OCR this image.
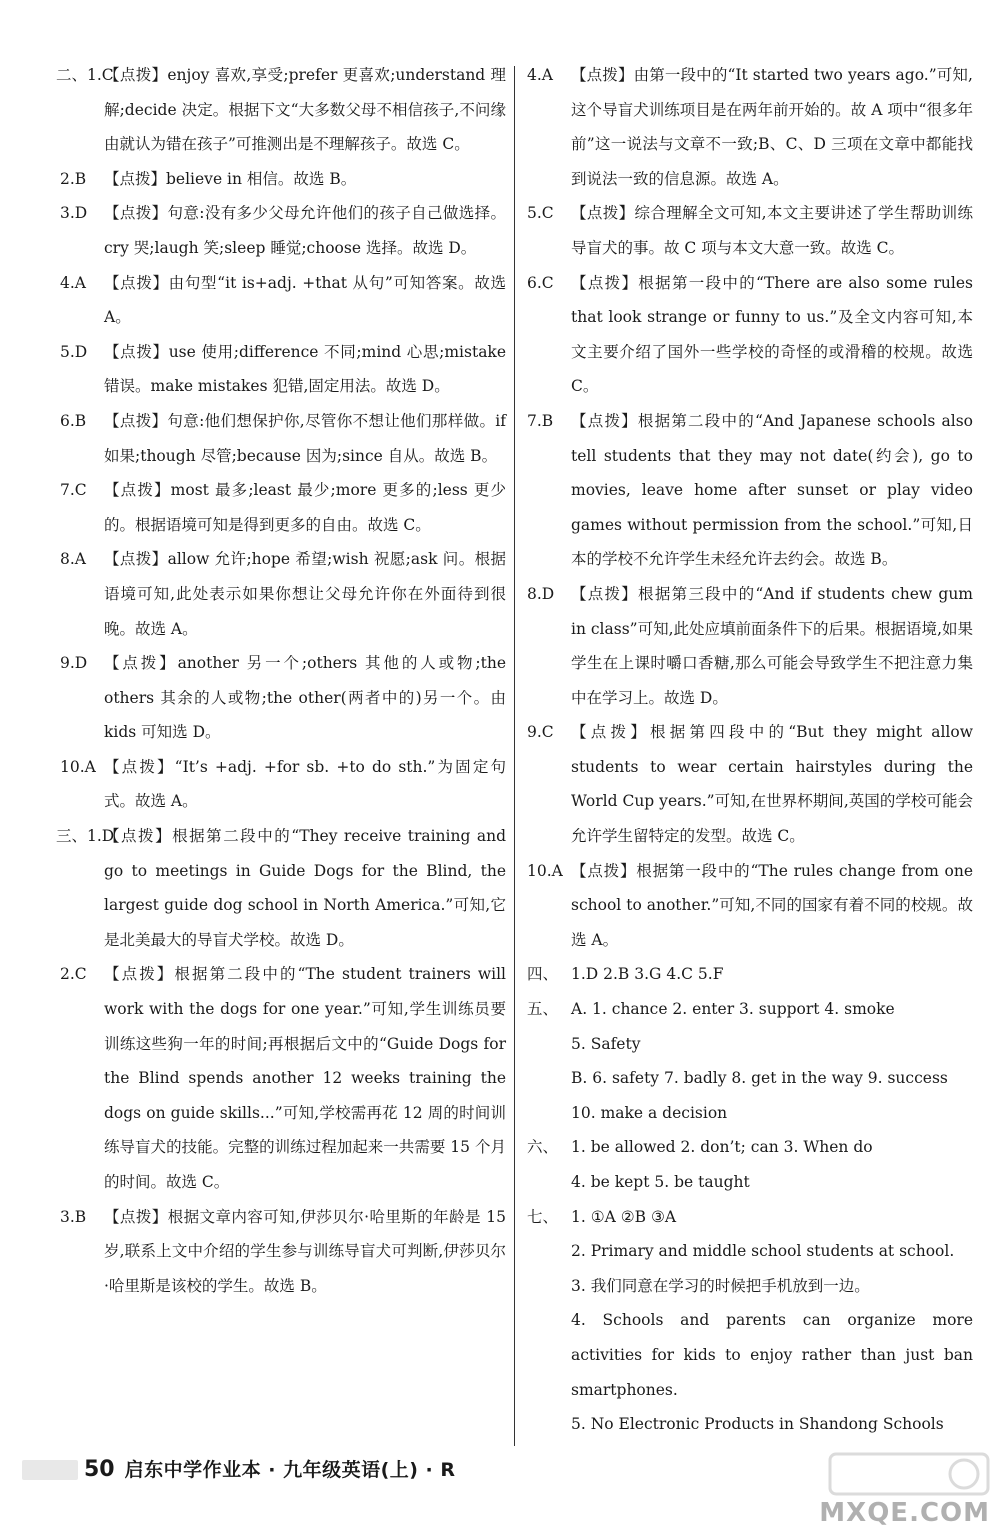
二、1.C
【点拨】enjoy 喜欢,享受;prefer 更喜欢;understand 理解;decide 决定。根据下文“大多数父母不相信孩子,不问缘由就认为错在孩子”可推测出是不理解孩子。故选 C。
2.B	【点拨】believe in 相信。故选 B。
3.D	【点拨】句意:没有多少父母允许他们的孩子自己做选择。cry 哭;laugh 笑;sleep 睡觉;choose 选择。故选 D。
4.A	【点拨】由句型“it is+adj. +that 从句”可知答案。故选 A。
5.D	【点拨】use 使用;difference 不同;mind 心思;mistake 错误。make mistakes 犯错,固定用法。故选 D。
6.B	【点拨】句意:他们想保护你,尽管你不想让他们那样做。if 如果;though 尽管;because 因为;since 自从。故选 B。
7.C	【点拨】most 最多;least 最少;more 更多的;less 更少的。根据语境可知是得到更多的自由。故选 C。
8.A	【点拨】allow 允许;hope 希望;wish 祝愿;ask 问。根据语境可知,此处表示如果你想让父母允许你在外面待到很晚。故选 A。
9.D	【点拨】another 另一个;others 其他的人或物;the others 其余的人或物;the other(两者中的)另一个。由 kids 可知选 D。
10.A 【点拨】“It’s +adj. +for sb. +to do sth.”为固定句式。故选 A。
三、1.D
【点拨】根据第二段中的“They receive training and go to meetings in Guide Dogs for the Blind, the largest guide dog school in North America.”可知,它是北美最大的导盲犬学校。故选 D。
2.C	【点拨】根据第二段中的“The student trainers will work with the dogs for one year.”可知,学生训练员要训练这些狗一年的时间;再根据后文中的“Guide Dogs for the Blind spends another 12 weeks training the dogs on guide skills...”可知,学校需再花 12 周的时间训练导盲犬的技能。完整的训练过程加起来一共需要 15 个月的时间。故选 C。
3.B	【点拨】根据文章内容可知,伊莎贝尔·哈里斯的年龄是 15 岁,联系上文中介绍的学生参与训练导盲犬可判断,伊莎贝尔·哈里斯是该校的学生。故选 B。
4.A	【点拨】由第一段中的“It started two years ago.”可知,这个导盲犬训练项目是在两年前开始的。故 A 项中“很多年前”这一说法与文章不一致;B、C、D 三项在文章中都能找到说法一致的信息源。故选 A。
5.C	【点拨】综合理解全文可知,本文主要讲述了学生帮助训练导盲犬的事。故 C 项与本文大意一致。故选 C。
6.C	【点拨】根据第一段中的“There are also some rules that look strange or funny to us.”及全文内容可知,本文主要介绍了国外一些学校的奇怪的或滑稽的校规。故选 C。
7.B	【点拨】根据第二段中的“And Japanese schools also tell students that they may not date(约会), go to movies, leave home after sunset or play video games without permission from the school.”可知,日本的学校不允许学生未经允许去约会。故选 B。
8.D	【点拨】根据第三段中的“And if students chew gum in class”可知,此处应填前面条件下的后果。根据语境,如果学生在上课时嚼口香糖,那么可能会导致学生不把注意力集中在学习上。故选 D。
9.C	【点拨】根据第四段中的“But they might allow students to wear certain hairstyles during the World Cup years.”可知,在世界杯期间,英国的学校可能会允许学生留特定的发型。故选 C。
10.A 【点拨】根据第一段中的“The rules change from one school to another.”可知,不同的国家有着不同的校规。故选 A。
四、 1.D 2.B 3.G 4.C 5.F
五、 A. 1. chance 2. enter 3. support 4. smoke
5. Safety
B. 6. safety 7. badly 8. get in the way 9. success
10. make a decision
六、 1. be allowed 2. don’t; can 3. When do
4. be kept 5. be taught
七、 1. ①A ②B ③A
2. Primary and middle school students at school.
3. 我们同意在学习的时候把手机放到一边。
4. Schools and parents can organize more activities for kids to enjoy rather than just ban smartphones.
5. No Electronic Products in Shandong Schools
50 启东中学作业本 · 九年级英语(上) · R
MXQE.COM
